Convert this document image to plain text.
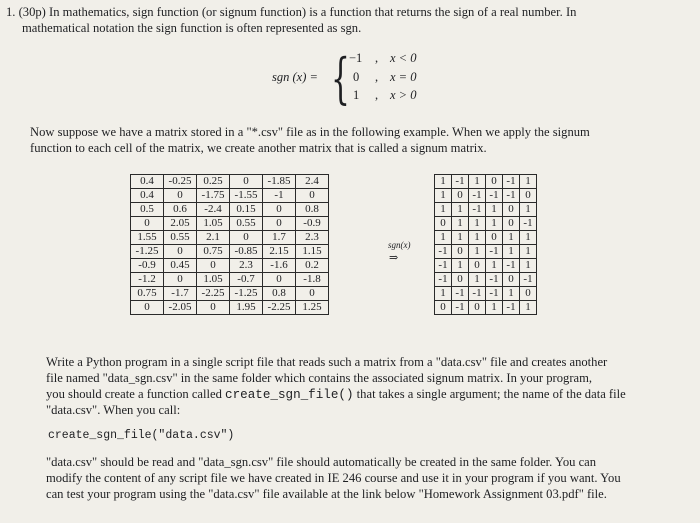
1. (30p) In mathematics, sign function (or signum function) is a function that returns the sign of a real number. In

mathematical notation the sign function is often represented as sgn.

sgn (x) = { −1 , x < 0
0 , x = 0
1 , x > 0

Now suppose we have a matrix stored in a "*.csv" file as in the following example. When we apply the signum

function to each cell of the matrix, we create another matrix that is called a signum matrix.

0.4	-0.25	0.25	0	-1.85	2.4
0.4	0	-1.75	-1.55	-1	0
0.5	0.6	-2.4	0.15	0	0.8
0	2.05	1.05	0.55	0	-0.9
1.55	0.55	2.1	0	1.7	2.3
-1.25	0	0.75	-0.85	2.15	1.15
-0.9	0.45	0	2.3	-1.6	0.2
-1.2	0	1.05	-0.7	0	-1.8
0.75	-1.7	-2.25	-1.25	0.8	0
0	-2.05	0	1.95	-2.25	1.25
sgn(x)
⇒
1	-1	1	0	-1	1
1	0	-1	-1	-1	0
1	1	-1	1	0	1
0	1	1	1	0	-1
1	1	1	0	1	1
-1	0	1	-1	1	1
-1	1	0	1	-1	1
-1	0	1	-1	0	-1
1	-1	-1	-1	1	0
0	-1	0	1	-1	1

Write a Python program in a single script file that reads such a matrix from a "data.csv" file and creates another

file named "data_sgn.csv" in the same folder which contains the associated signum matrix. In your program,

you should create a function called create_sgn_file() that takes a single argument; the name of the data file

"data.csv". When you call:

create_sgn_file("data.csv")

"data.csv" should be read and "data_sgn.csv" file should automatically be created in the same folder. You can

modify the content of any script file we have created in IE 246 course and use it in your program if you want. You

can test your program using the "data.csv" file available at the link below "Homework Assignment 03.pdf" file.
